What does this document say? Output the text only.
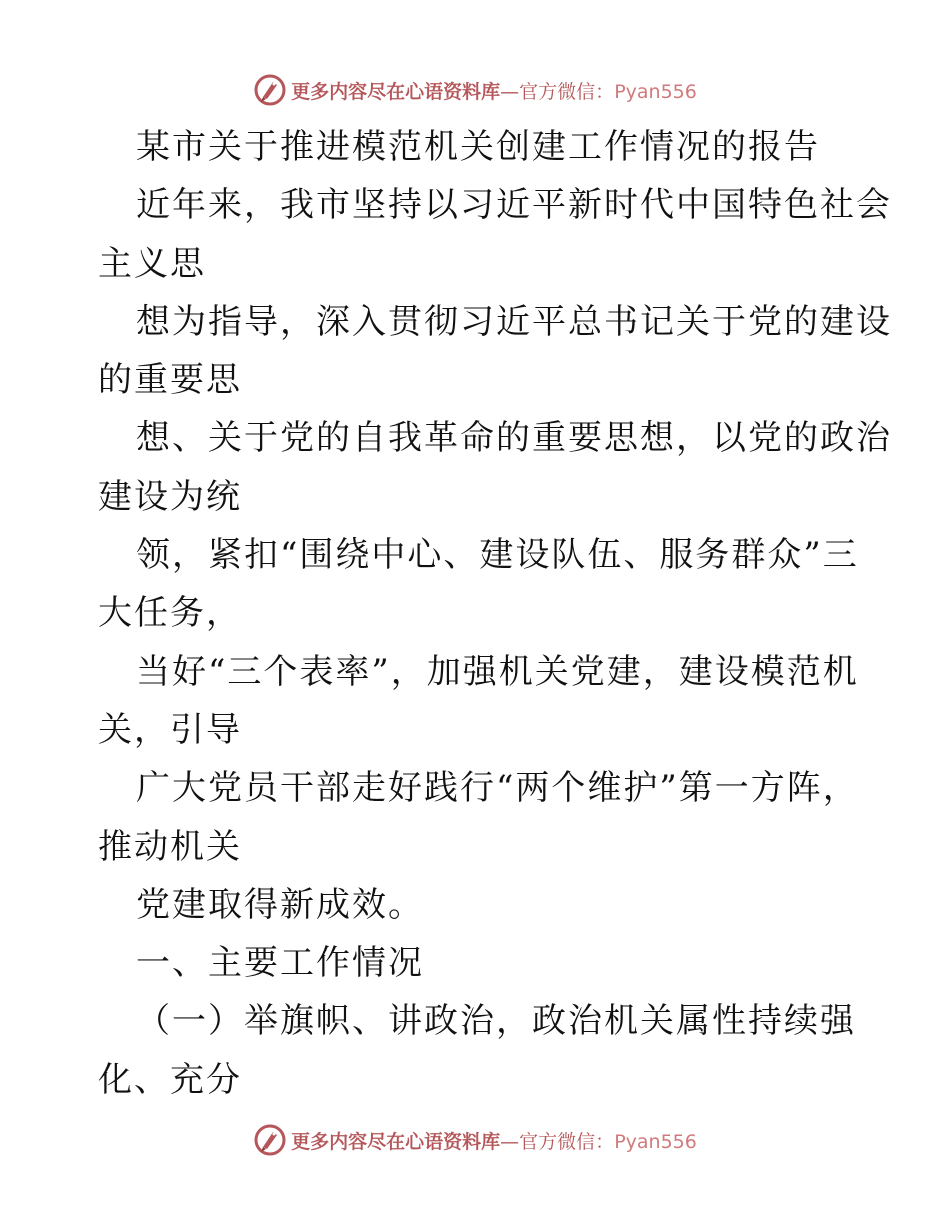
更多内容尽在心语资料库—官方微信：Pyan556
某市关于推进模范机关创建工作情况的报告
近年来，我市坚持以习近平新时代中国特色社会
主义思
想为指导，深入贯彻习近平总书记关于党的建设
的重要思
想、关于党的自我革命的重要思想，以党的政治
建设为统
领，紧扣“围绕中心、建设队伍、服务群众”三
大任务，
当好“三个表率”，加强机关党建，建设模范机
关，引导
广大党员干部走好践行“两个维护”第一方阵，
推动机关
党建取得新成效。
一、主要工作情况
（一）举旗帜、讲政治，政治机关属性持续强
化、充分
更多内容尽在心语资料库—官方微信：Pyan556
